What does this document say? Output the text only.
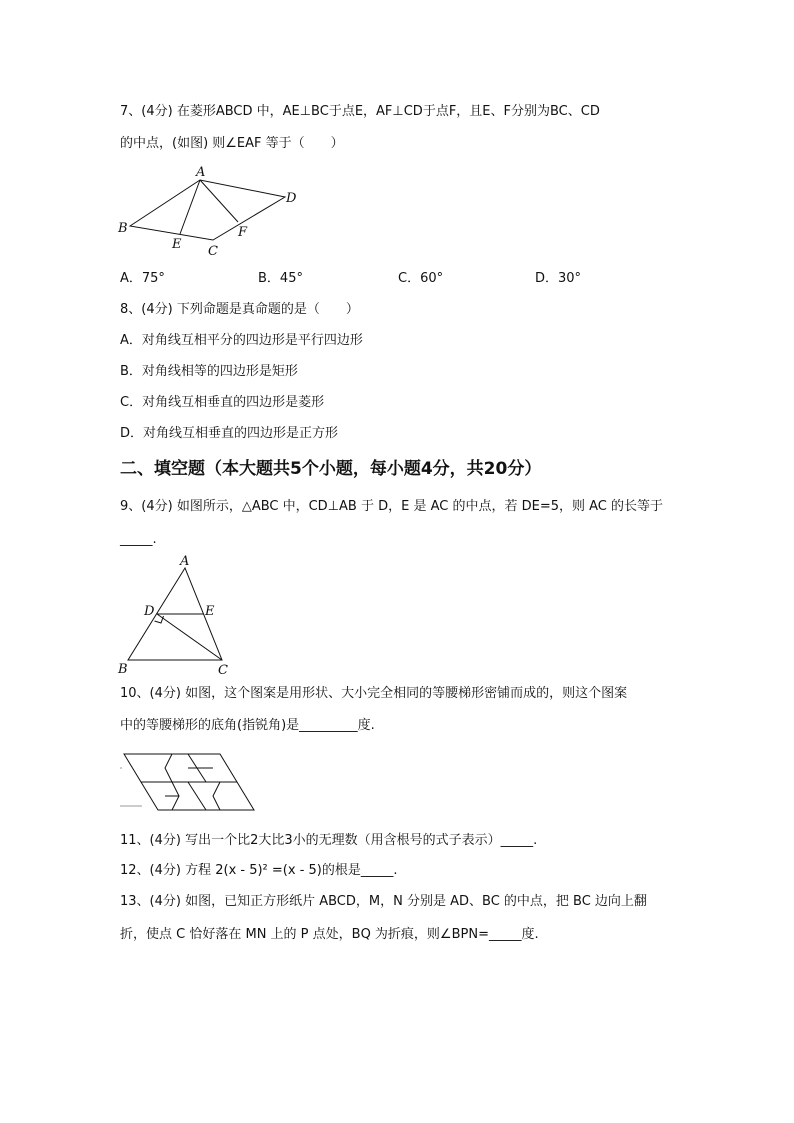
7、(4分) 在菱形ABCD 中，AE⊥BC于点E，AF⊥CD于点F，且E、F分别为BC、CD
的中点，(如图) 则∠EAF 等于（　　）
A
B
C
D
E
F
A．75°	B．45°	C．60°	D．30°
8、(4分) 下列命题是真命题的是（　　）
A．对角线互相平分的四边形是平行四边形
B．对角线相等的四边形是矩形
C．对角线互相垂直的四边形是菱形
D．对角线互相垂直的四边形是正方形
二、填空题（本大题共5个小题，每小题4分，共20分）
9、(4分) 如图所示，△ABC 中，CD⊥AB 于 D，E 是 AC 的中点，若 DE=5，则 AC 的长等于
_____.
A
B	C
D	E
10、(4分) 如图，这个图案是用形状、大小完全相同的等腰梯形密铺而成的，则这个图案
中的等腰梯形的底角(指锐角)是_________度.
11、(4分) 写出一个比2大比3小的无理数（用含根号的式子表示）_____.
12、(4分) 方程 2(x - 5)² =(x - 5)的根是_____.
13、(4分) 如图，已知正方形纸片 ABCD，M，N 分别是 AD、BC 的中点，把 BC 边向上翻
折，使点 C 恰好落在 MN 上的 P 点处，BQ 为折痕，则∠BPN=_____度.
